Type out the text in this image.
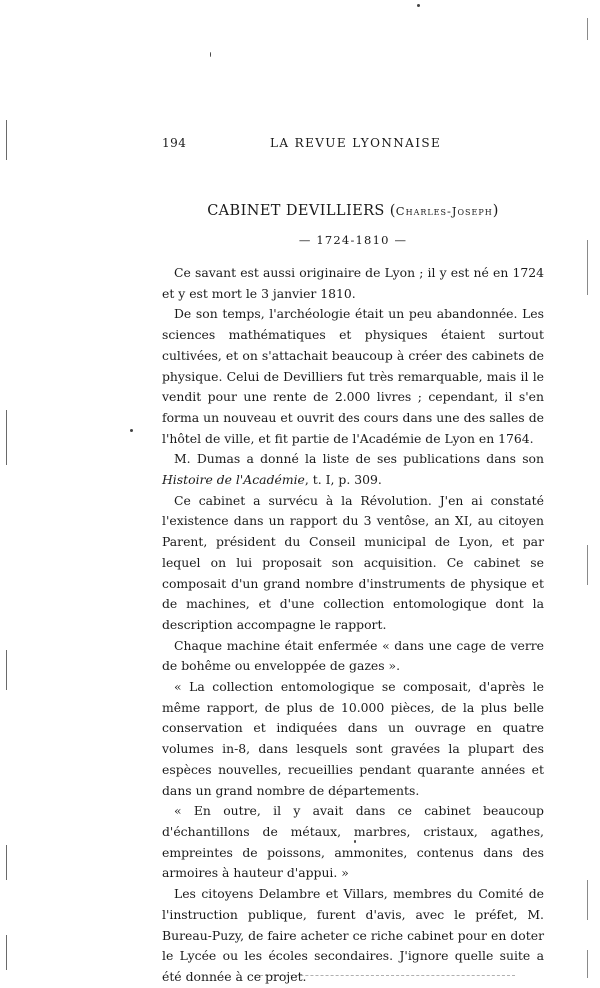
194	LA REVUE LYONNAISE
CABINET DEVILLIERS (Charles-Joseph)
— 1724-1810 —

Ce savant est aussi originaire de Lyon ; il y est né en 1724 et y est mort le 3 janvier 1810.

De son temps, l'archéologie était un peu abandonnée. Les sciences mathématiques et physiques étaient surtout cultivées, et on s'attachait beaucoup à créer des cabinets de physique. Celui de Devilliers fut très remarquable, mais il le vendit pour une rente de 2.000 livres ; cependant, il s'en forma un nouveau et ouvrit des cours dans une des salles de l'hôtel de ville, et fit partie de l'Académie de Lyon en 1764.

M. Dumas a donné la liste de ses publications dans son Histoire de l'Académie, t. I, p. 309.

Ce cabinet a survécu à la Révolution. J'en ai constaté l'existence dans un rapport du 3 ventôse, an XI, au citoyen Parent, président du Conseil municipal de Lyon, et par lequel on lui proposait son acquisition. Ce cabinet se composait d'un grand nombre d'instruments de physique et de machines, et d'une collection entomologique dont la description accompagne le rapport.

Chaque machine était enfermée « dans une cage de verre de bohême ou enveloppée de gazes ».

« La collection entomologique se composait, d'après le même rapport, de plus de 10.000 pièces, de la plus belle conservation et indiquées dans un ouvrage en quatre volumes in-8, dans lesquels sont gravées la plupart des espèces nouvelles, recueillies pendant quarante années et dans un grand nombre de départements.

« En outre, il y avait dans ce cabinet beaucoup d'échantillons de métaux, marbres, cristaux, agathes, empreintes de poissons, ammonites, contenus dans des armoires à hauteur d'appui. »

Les citoyens Delambre et Villars, membres du Comité de l'instruction publique, furent d'avis, avec le préfet, M. Bureau-Puzy, de faire acheter ce riche cabinet pour en doter le Lycée ou les écoles secondaires. J'ignore quelle suite a été donnée à ce projet.
